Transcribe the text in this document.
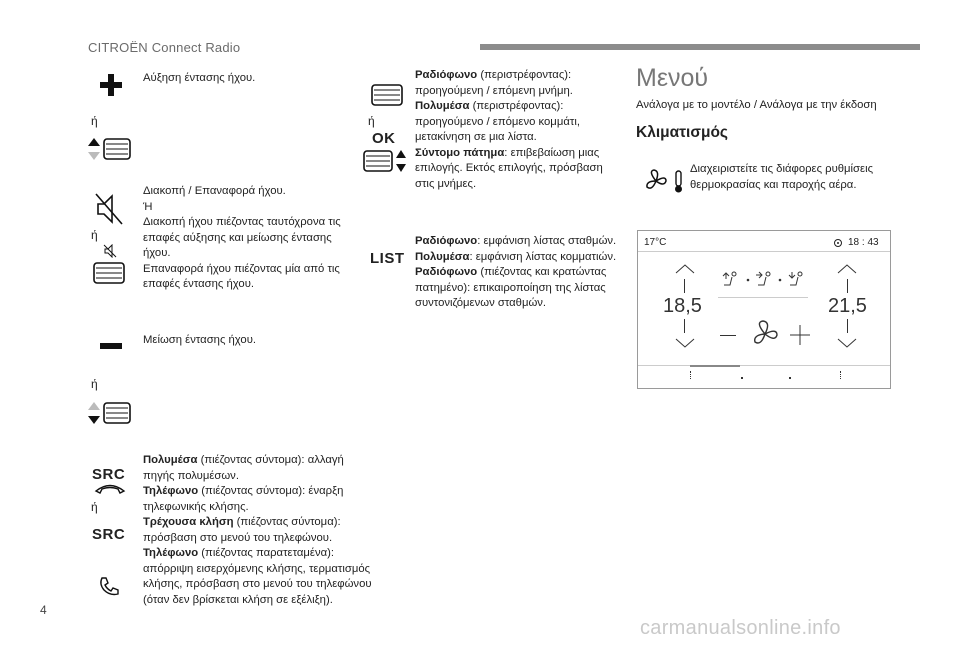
CITROËN Connect Radio
Αύξηση έντασης ήχου.
ή
Διακοπή / Επαναφορά ήχου.
Ή
Διακοπή ήχου πιέζοντας ταυτόχρονα τις
επαφές αύξησης και μείωσης έντασης
ήχου.
Επαναφορά ήχου πιέζοντας μία από τις
επαφές έντασης ήχου.
ή
Μείωση έντασης ήχου.
ή
SRC
ή
SRC
Πολυμέσα (πιέζοντας σύντομα): αλλαγή
πηγής πολυμέσων.
Τηλέφωνο (πιέζοντας σύντομα): έναρξη
τηλεφωνικής κλήσης.
Τρέχουσα κλήση (πιέζοντας σύντομα):
πρόσβαση στο μενού του τηλεφώνου.
Τηλέφωνο (πιέζοντας παρατεταμένα):
απόρριψη εισερχόμενης κλήσης, τερματισμός
κλήσης, πρόσβαση στο μενού του τηλεφώνου
(όταν δεν βρίσκεται κλήση σε εξέλιξη).
ή
OK
Ραδιόφωνο (περιστρέφοντας):
προηγούμενη / επόμενη μνήμη.
Πολυμέσα (περιστρέφοντας):
προηγούμενο / επόμενο κομμάτι,
μετακίνηση σε μια λίστα.
Σύντομο πάτημα: επιβεβαίωση μιας
επιλογής. Εκτός επιλογής, πρόσβαση
στις μνήμες.
LIST
Ραδιόφωνο: εμφάνιση λίστας σταθμών.
Πολυμέσα: εμφάνιση λίστας κομματιών.
Ραδιόφωνο (πιέζοντας και κρατώντας
πατημένο): επικαιροποίηση της λίστας
συντονιζόμενων σταθμών.
Μενού
Ανάλογα με το μοντέλο / Ανάλογα με την έκδοση
Κλιματισμός
Διαχειριστείτε τις διάφορες ρυθμίσεις
θερμοκρασίας και παροχής αέρα.
17°C	18 : 43
18,5	21,5
4
carmanualsonline.info
